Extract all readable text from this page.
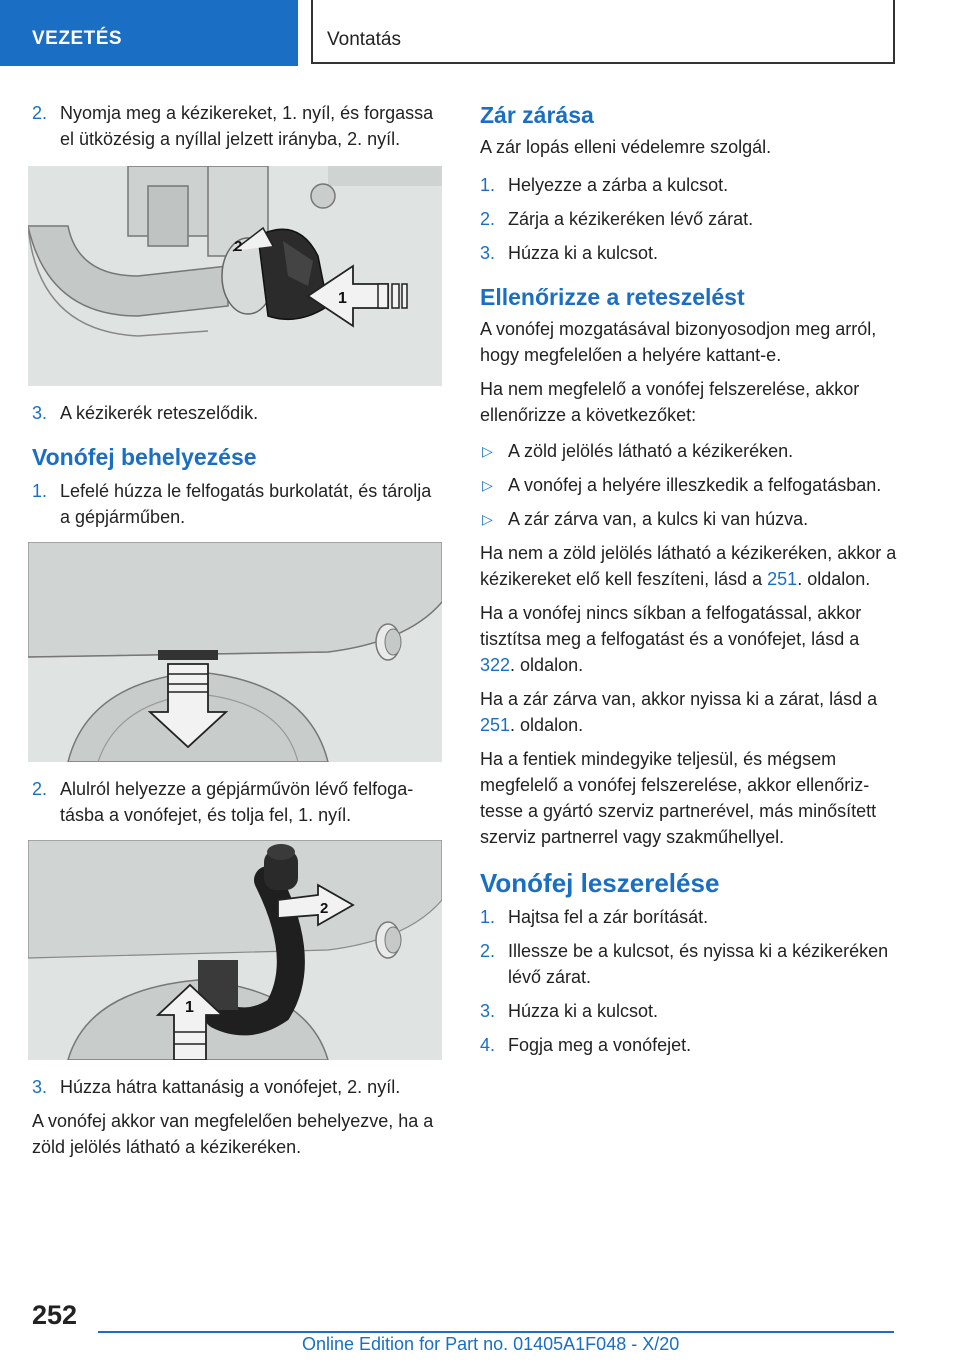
VEZETÉS	Vontatás
2. Nyomja meg a kézikereket, 1. nyíl, és forgassa el ütközésig a nyíllal jelzett irányba, 2. nyíl.
2
1
3. A kézikerék reteszelődik.
Vonófej behelyezése
1. Lefelé húzza le felfogatás burkolatát, és tárolja a gépjárműben.
2. Alulról helyezze a gépjárművön lévő felfogatásba a vonófejet, és tolja fel, 1. nyíl.
2
1
3. Húzza hátra kattanásig a vonófejet, 2. nyíl.

A vonófej akkor van megfelelően behelyezve, ha a zöld jelölés látható a kézikeréken.

Zár zárása

A zár lopás elleni védelemre szolgál.

1. Helyezze a zárba a kulcsot.
2. Zárja a kézikeréken lévő zárat.
3. Húzza ki a kulcsot.
Ellenőrizze a reteszelést

A vonófej mozgatásával bizonyosodjon meg arról, hogy megfelelően a helyére kattant-e.

Ha nem megfelelő a vonófej felszerelése, akkor ellenőrizze a következőket:

▷ A zöld jelölés látható a kézikeréken.
▷ A vonófej a helyére illeszkedik a felfogatásban.
▷ A zár zárva van, a kulcs ki van húzva.

Ha nem a zöld jelölés látható a kézikeréken, akkor a kézikereket elő kell feszíteni, lásd a 251. oldalon.

Ha a vonófej nincs síkban a felfogatással, akkor tisztítsa meg a felfogatást és a vonófejet, lásd a 322. oldalon.

Ha a zár zárva van, akkor nyissa ki a zárat, lásd a 251. oldalon.

Ha a fentiek mindegyike teljesül, és mégsem megfelelő a vonófej felszerelése, akkor ellenőriztesse a gyártó szerviz partnerével, más minősített szerviz partnerrel vagy szakműhellyel.

Vonófej leszerelése
1. Hajtsa fel a zár borítását.
2. Illessze be a kulcsot, és nyissa ki a kézikeréken lévő zárat.
3. Húzza ki a kulcsot.
4. Fogja meg a vonófejet.
252
Online Edition for Part no. 01405A1F048 - X/20
